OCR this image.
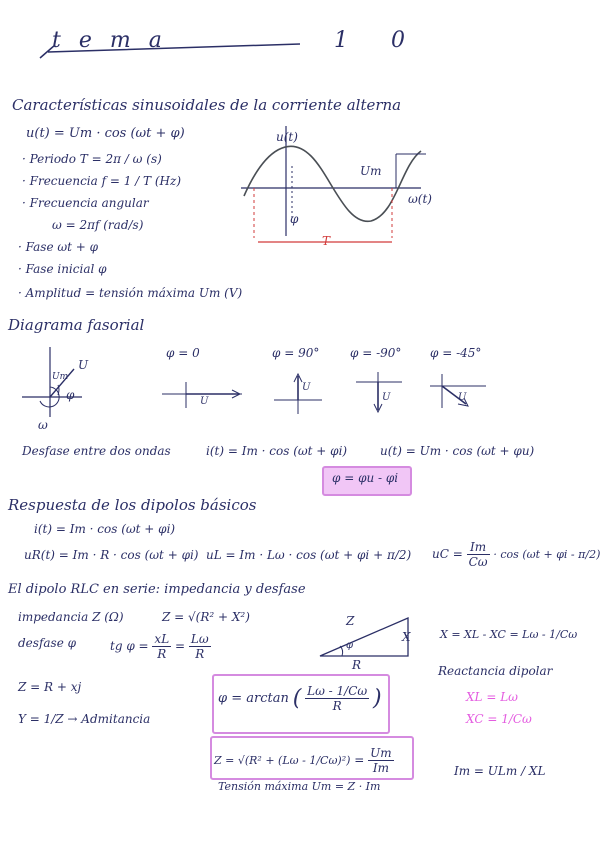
tema	1 0
Características sinusoidales de la corriente alterna
u(t) = Um · cos (ωt + φ)
· Periodo T = 2π / ω (s)
· Frecuencia f = 1 / T (Hz)
· Frecuencia angular
ω = 2πf (rad/s)
· Fase ωt + φ
· Fase inicial φ
· Amplitud = tensión máxima Um (V)
u(t)
ω(t)
Um
φ
T
Diagrama fasorial
U
Um
φ
ω
φ = 0
U
φ = 90°
U
φ = -90°
U
φ = -45°
U
Desfase entre dos ondas	i(t) = Im · cos (ωt + φi)	u(t) = Um · cos (ωt + φu)
φ = φu - φi
Respuesta de los dipolos básicos
i(t) = Im · cos (ωt + φi)
uR(t) = Im · R · cos (ωt + φi) uL = Im · Lω · cos (ωt + φi + π/2) uC = $\frac{Im}{C\omega} \cdot \cos (\omega t + \varphi i - \pi/2)$
El dipolo RLC en serie: impedancia y desfase
impedancia Z (Ω)	Z = √(R² + X²)
desfase φ	tg $\varphi = \frac{xL}{R} = \frac{L\omega}{R}$
Z
X
R
φ
X = XL - XC = Lω - 1/Cω
Reactancia dipolar
XL = Lω
XC = 1/Cω
Z = R + xj
Y = 1/Z → Admitancia
φ = arctan ( $\frac{L\omega - 1/C\omega}{R}$ )
$Z = √(R^2 + (L\omega - 1/C\omega)^2) = \frac{Um}{Im}$	Im = ULm / XL
Tensión máxima Um = Z · Im
